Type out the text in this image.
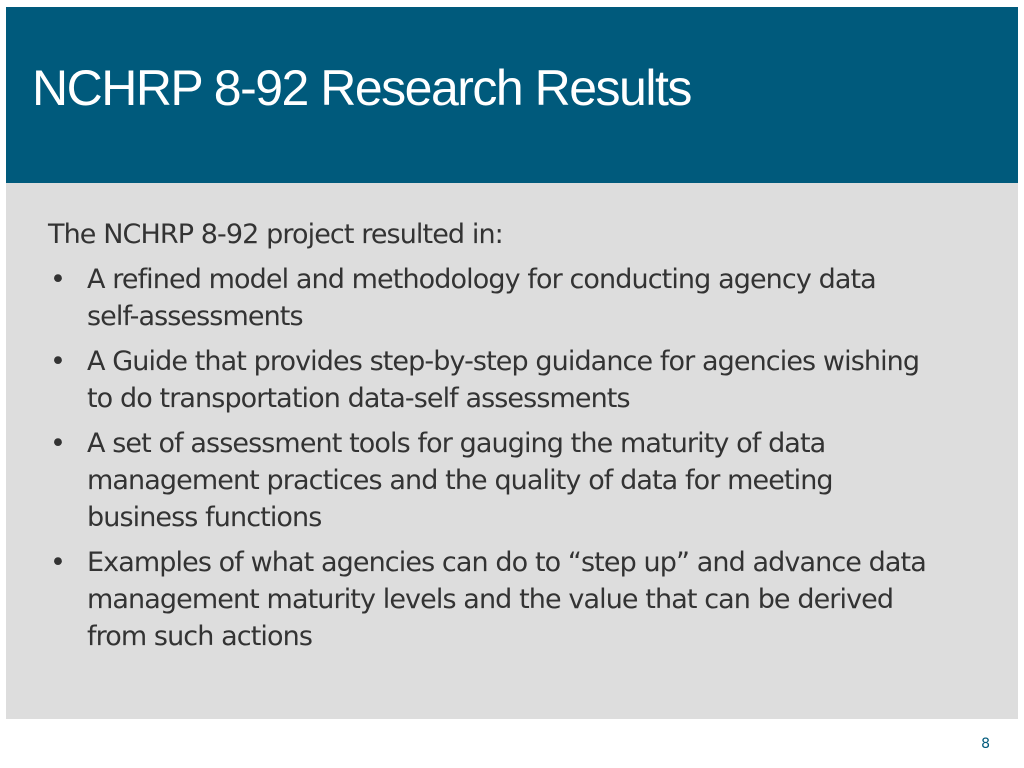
NCHRP 8-92 Research Results

The NCHRP 8-92 project resulted in:

• A refined model and methodology for conducting agency data
self-assessments
• A Guide that provides step-by-step guidance for agencies wishing
to do transportation data-self assessments
• A set of assessment tools for gauging the maturity of data
management practices and the quality of data for meeting
business functions
• Examples of what agencies can do to “step up” and advance data
management maturity levels and the value that can be derived
from such actions
8
